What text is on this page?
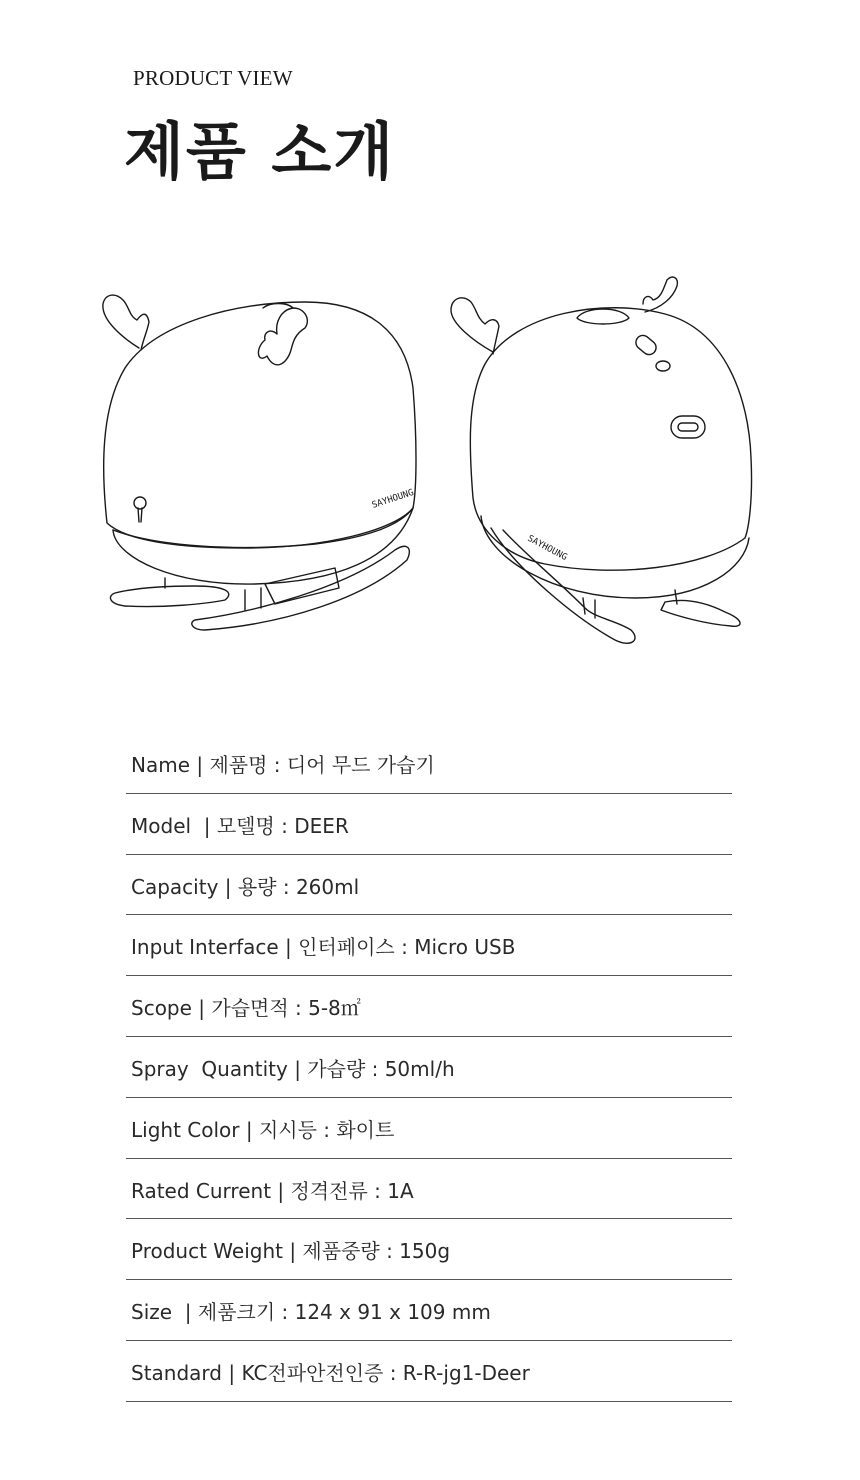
PRODUCT VIEW
제품 소개
SAYHOUNG
SAYHOUNG
Name | 제품명 : 디어 무드 가습기
Model  | 모델명 : DEER
Capacity | 용량 : 260ml
Input Interface | 인터페이스 : Micro USB
Scope | 가습면적 : 5-8㎡
Spray  Quantity | 가습량 : 50ml/h
Light Color | 지시등 : 화이트
Rated Current | 정격전류 : 1A
Product Weight | 제품중량 : 150g
Size  | 제품크기 : 124 x 91 x 109 mm
Standard | KC전파안전인증 : R-R-jg1-Deer
